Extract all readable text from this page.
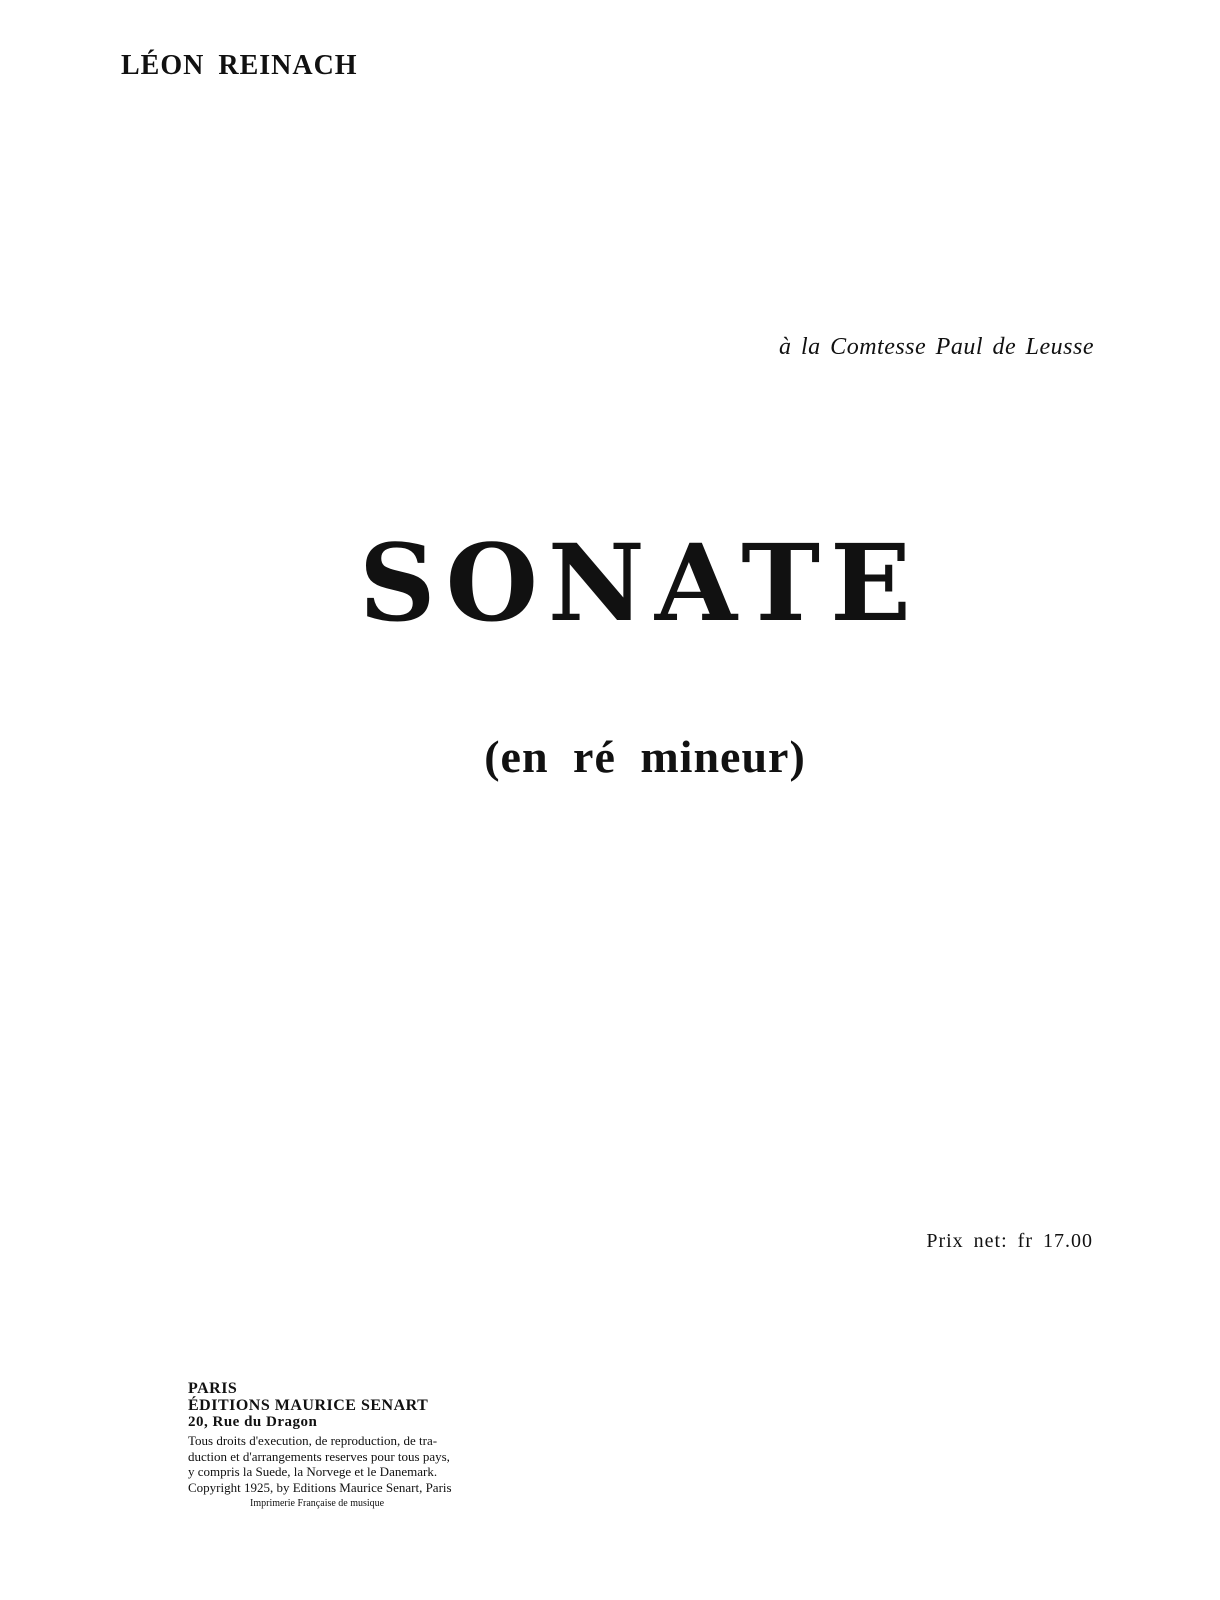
LÉON REINACH
à la Comtesse Paul de Leusse
SONATE
(en ré mineur)
Prix net: fr 17.00
PARIS
ÉDITIONS MAURICE SENART
20, Rue du Dragon
Tous droits d'execution, de reproduction, de tra-
duction et d'arrangements reserves pour tous pays,
y compris la Suede, la Norvege et le Danemark.
Copyright 1925, by Editions Maurice Senart, Paris
Imprimerie Française de musique
